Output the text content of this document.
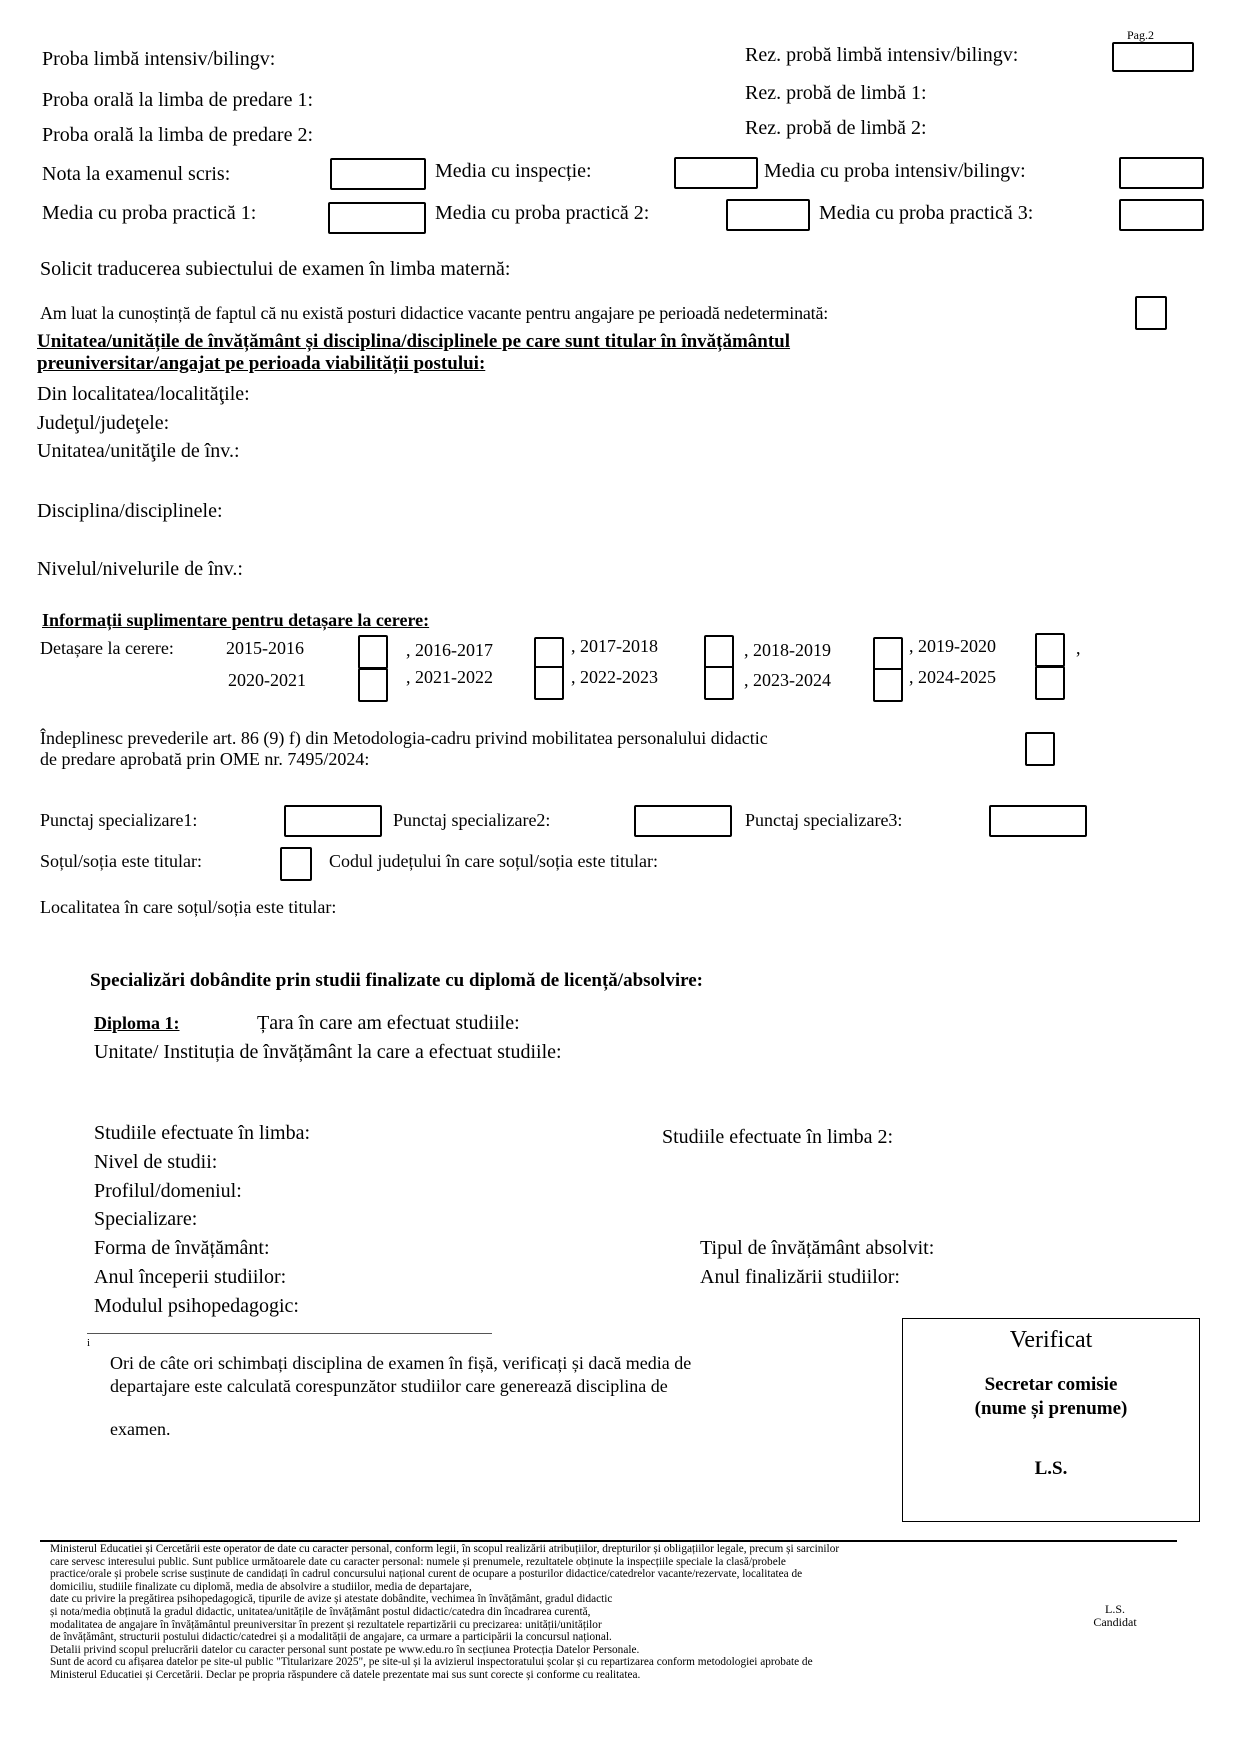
Pag.2
Proba limbă intensiv/bilingv:	Rez. probă limbă intensiv/bilingv:
Proba orală la limba de predare 1:	Rez. probă de limbă 1:
Proba orală la limba de predare 2:	Rez. probă de limbă 2:
Nota la examenul scris:	Media cu inspecție:	Media cu proba intensiv/bilingv:
Media cu proba practică 1:	Media cu proba practică 2:	Media cu proba practică 3:
Solicit traducerea subiectului de examen în limba maternă:
Am luat la cunoștință de faptul că nu există posturi didactice vacante pentru angajare pe perioadă nedeterminată:
Unitatea/unitățile de învățământ și disciplina/disciplinele pe care sunt titular în învățământul
preuniversitar/angajat pe perioada viabilității postului:
Din localitatea/localităţile:
Judeţul/judeţele:
Unitatea/unităţile de înv.:
Disciplina/disciplinele:
Nivelul/nivelurile de înv.:
Informații suplimentare pentru detașare la cerere:
Detașare la cerere:	2015-2016	, 2016-2017	, 2017-2018	, 2018-2019	, 2019-2020	,
2020-2021	, 2021-2022	, 2022-2023	, 2023-2024	, 2024-2025
Îndeplinesc prevederile art. 86 (9) f) din Metodologia-cadru privind mobilitatea personalului didactic
de predare aprobată prin OME nr. 7495/2024:
Punctaj specializare1:	Punctaj specializare2:	Punctaj specializare3:
Soțul/soția este titular:	Codul județului în care soțul/soția este titular:
Localitatea în care soțul/soția este titular:
Specializări dobândite prin studii finalizate cu diplomă de licență/absolvire:
Diploma 1:	Țara în care am efectuat studiile:
Unitate/ Instituția de învățământ la care a efectuat studiile:
Studiile efectuate în limba:	Studiile efectuate în limba 2:
Nivel de studii:
Profilul/domeniul:
Specializare:
Forma de învățământ:	Tipul de învățământ absolvit:
Anul începerii studiilor:	Anul finalizării studiilor:
Modulul psihopedagogic:
i
Ori de câte ori schimbați disciplina de examen în fișă, verificați și dacă media de
departajare este calculată corespunzător studiilor care generează disciplina de
examen.
Verificat
Secretar comisie
(nume și prenume)
L.S.
Ministerul Educatiei și Cercetării este operator de date cu caracter personal, conform legii, în scopul realizării atribuțiilor, drepturilor și obligațiilor legale, precum și sarcinilor
care servesc interesului public. Sunt publice următoarele date cu caracter personal: numele și prenumele, rezultatele obținute la inspecțiile speciale la clasă/probele
practice/orale și probele scrise susținute de candidați în cadrul concursului național curent de ocupare a posturilor didactice/catedrelor vacante/rezervate, localitatea de
domiciliu, studiile finalizate cu diplomă, media de absolvire a studiilor, media de departajare,
date cu privire la pregătirea psihopedagogică, tipurile de avize și atestate dobândite, vechimea în învățământ, gradul didactic
și nota/media obținută la gradul didactic, unitatea/unitățile de învățământ postul didactic/catedra din încadrarea curentă,
modalitatea de angajare în învățământul preuniversitar în prezent și rezultatele repartizării cu precizarea: unității/unităților
de învățământ, structurii postului didactic/catedrei și a modalității de angajare, ca urmare a participării la concursul național.
Detalii privind scopul prelucrării datelor cu caracter personal sunt postate pe www.edu.ro în secțiunea Protecția Datelor Personale.
Sunt de acord cu afișarea datelor pe site-ul public "Titularizare 2025", pe site-ul și la avizierul inspectoratului școlar și cu repartizarea conform metodologiei aprobate de
Ministerul Educatiei și Cercetării. Declar pe propria răspundere că datele prezentate mai sus sunt corecte și conforme cu realitatea.
L.S.
Candidat
